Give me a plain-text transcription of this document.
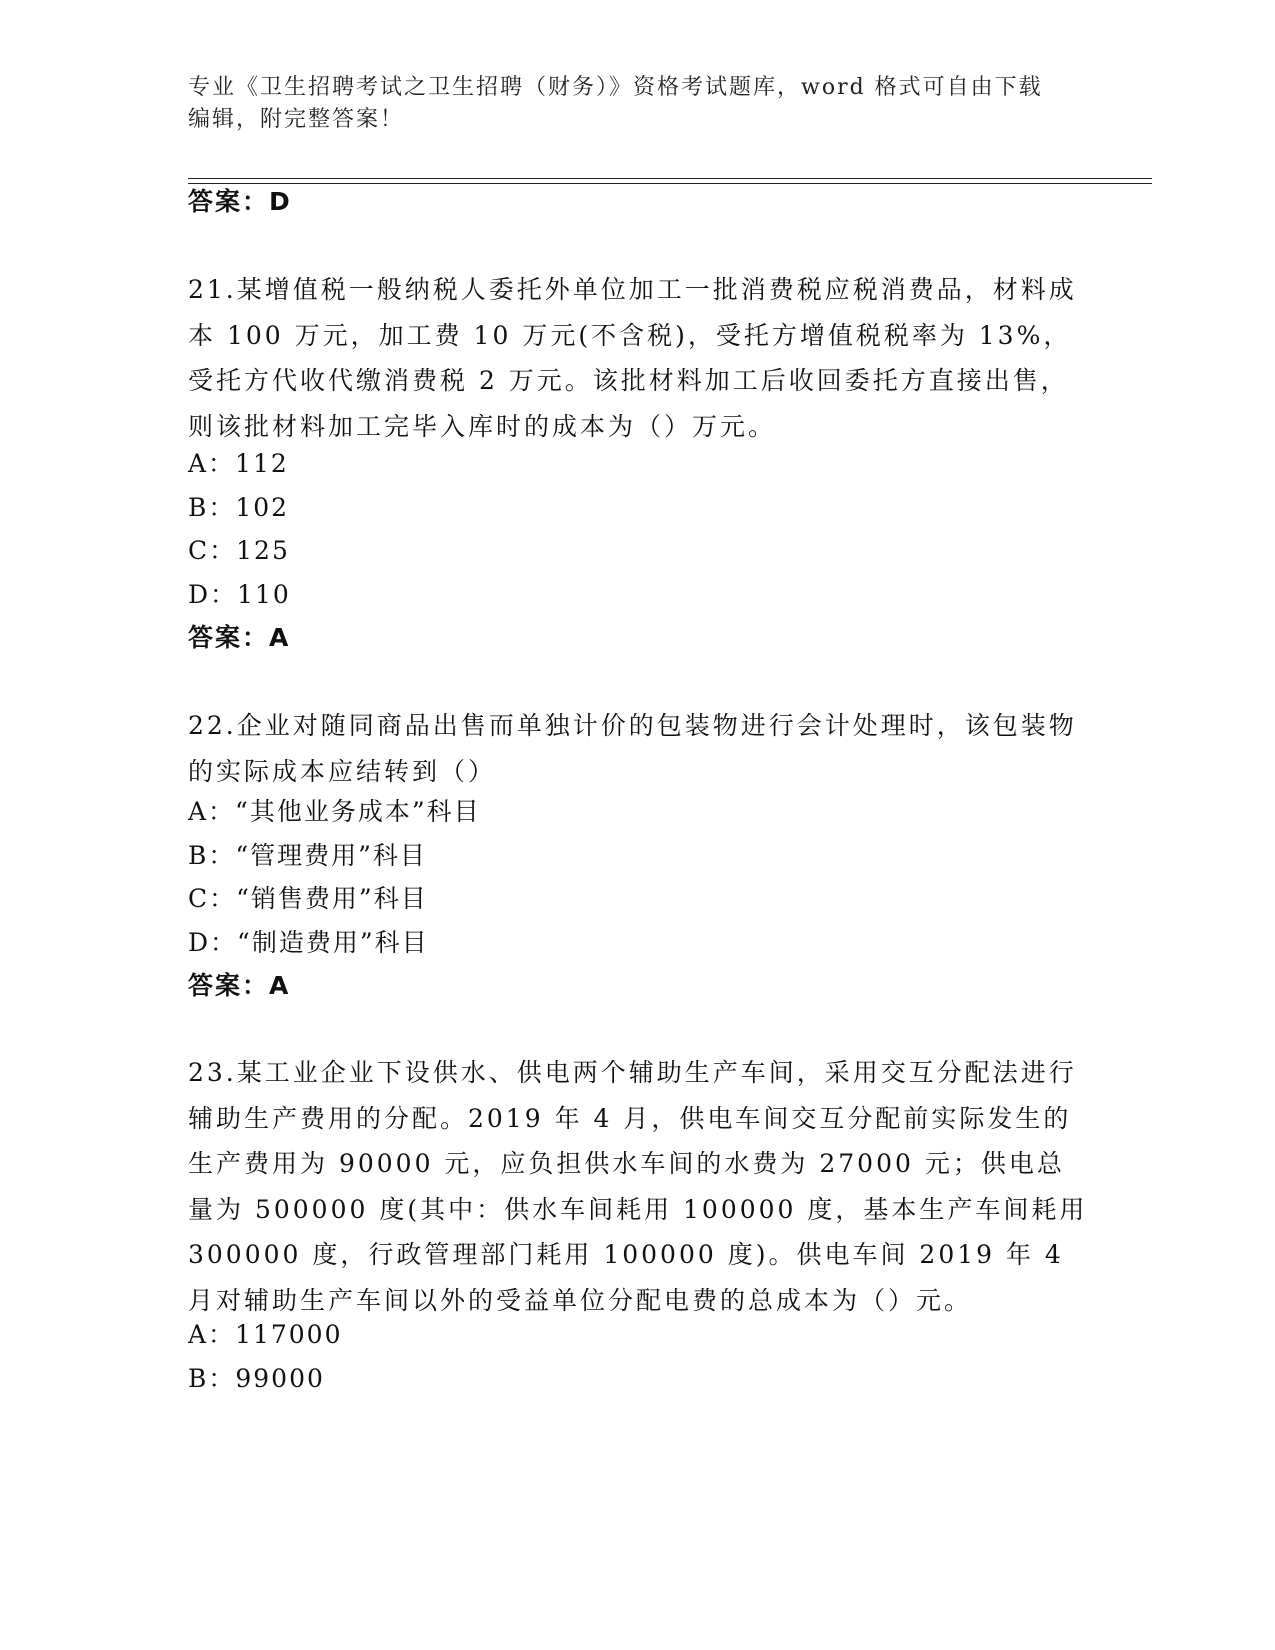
专业《卫生招聘考试之卫生招聘（财务）》资格考试题库，word 格式可自由下载
编辑，附完整答案！
答案：D
21.某增值税一般纳税人委托外单位加工一批消费税应税消费品，材料成本 100 万元，加工费 10 万元(不含税)，受托方增值税税率为 13%，受托方代收代缴消费税 2 万元。该批材料加工后收回委托方直接出售，则该批材料加工完毕入库时的成本为（）万元。
A：112
B：102
C：125
D：110
答案：A
22.企业对随同商品出售而单独计价的包装物进行会计处理时，该包装物的实际成本应结转到（）
A：“其他业务成本”科目
B：“管理费用”科目
C：“销售费用”科目
D：“制造费用”科目
答案：A
23.某工业企业下设供水、供电两个辅助生产车间，采用交互分配法进行辅助生产费用的分配。2019 年 4 月，供电车间交互分配前实际发生的生产费用为 90000 元，应负担供水车间的水费为 27000 元；供电总量为 500000 度(其中：供水车间耗用 100000 度，基本生产车间耗用 300000 度，行政管理部门耗用 100000 度)。供电车间 2019 年 4 月对辅助生产车间以外的受益单位分配电费的总成本为（）元。
A：117000
B：99000
